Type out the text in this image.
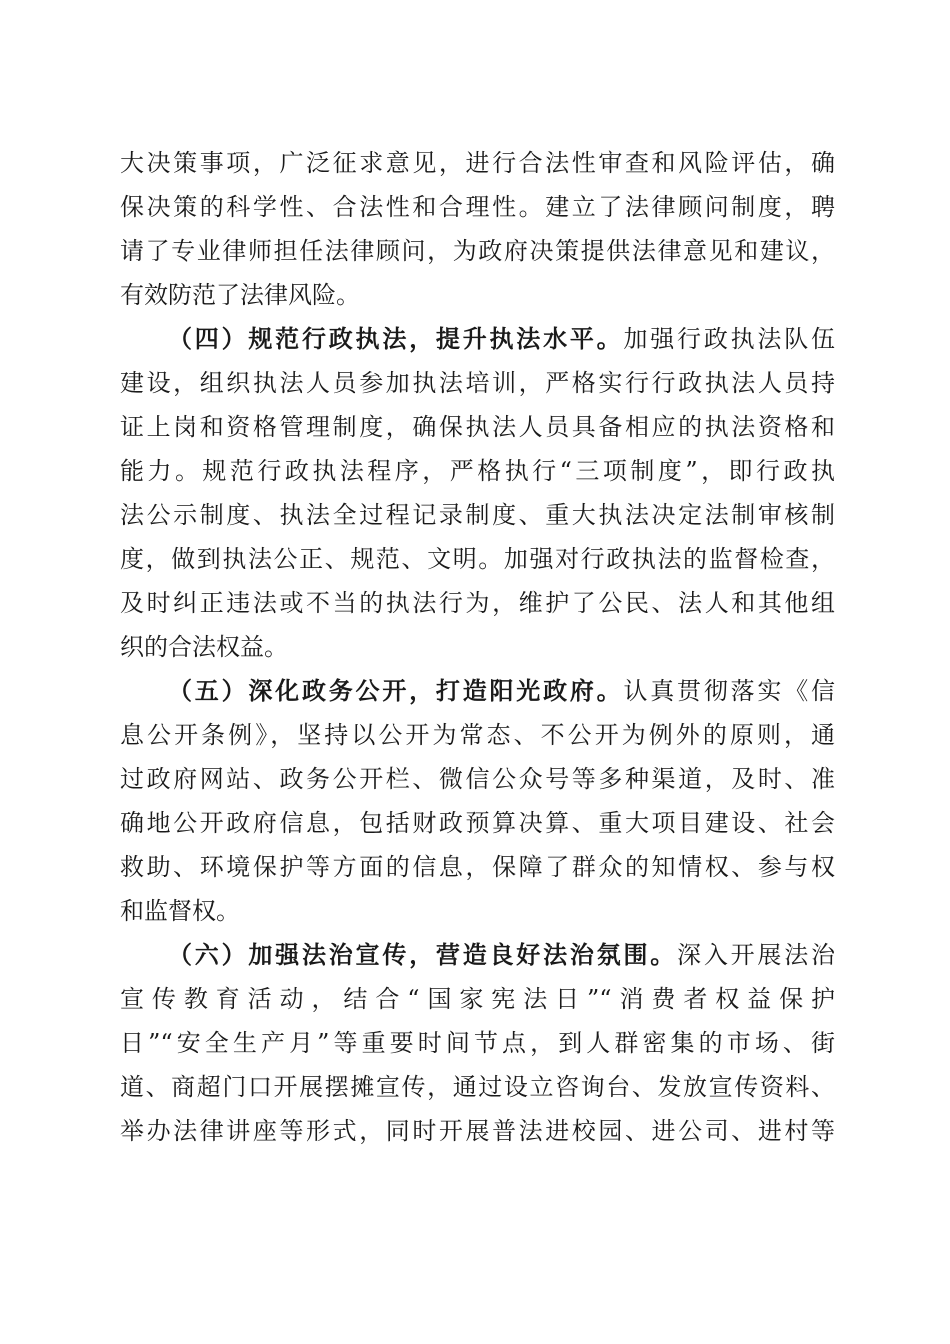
大决策事项，广泛征求意见，进行合法性审查和风险评估，确
保决策的科学性、合法性和合理性。建立了法律顾问制度，聘
请了专业律师担任法律顾问，为政府决策提供法律意见和建议，
有效防范了法律风险。
（四）规范行政执法，提升执法水平。加强行政执法队伍
建设，组织执法人员参加执法培训，严格实行行政执法人员持
证上岗和资格管理制度，确保执法人员具备相应的执法资格和
能力。规范行政执法程序，严格执行“三项制度”，即行政执
法公示制度、执法全过程记录制度、重大执法决定法制审核制
度，做到执法公正、规范、文明。加强对行政执法的监督检查，
及时纠正违法或不当的执法行为，维护了公民、法人和其他组
织的合法权益。
（五）深化政务公开，打造阳光政府。认真贯彻落实《信
息公开条例》，坚持以公开为常态、不公开为例外的原则，通
过政府网站、政务公开栏、微信公众号等多种渠道，及时、准
确地公开政府信息，包括财政预算决算、重大项目建设、社会
救助、环境保护等方面的信息，保障了群众的知情权、参与权
和监督权。
（六）加强法治宣传，营造良好法治氛围。深入开展法治
宣传教育活动，结合“国家宪法日”“消费者权益保护
日”“安全生产月”等重要时间节点，到人群密集的市场、街
道、商超门口开展摆摊宣传，通过设立咨询台、发放宣传资料、
举办法律讲座等形式，同时开展普法进校园、进公司、进村等
